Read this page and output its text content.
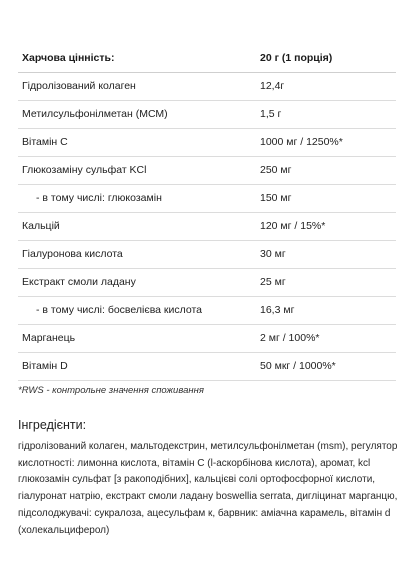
Харчова цінність:	20 г (1 порція)
Гідролізований колаген	12,4г
Метилсульфонілметан (МСМ)	1,5 г
Вітамін С	1000 мг / 1250%*
Глюкозаміну сульфат KCl	250 мг
- в тому числі: глюкозамін	150 мг
Кальцій	120 мг / 15%*
Гіалуронова кислота	30 мг
Екстракт смоли ладану	25 мг
- в тому числі: босвелієва кислота	16,3 мг
Марганець	2 мг / 100%*
Вітамін D	50 мкг / 1000%*
*RWS - контрольне значення споживання
Інгредієнти:
гідролізований колаген, мальтодекстрин, метилсульфонілметан (msm), регулятор кислотності: лимонна кислота, вітамін С (l-аскорбінова кислота), аромат, kcl глюкозамін сульфат [з ракоподібних], кальцієві солі ортофосфорної кислоти, гіалуронат натрію, екстракт смоли ладану boswellia serrata, дигліцинат марганцю, підсолоджувачі: сукралоза, ацесульфам к, барвник: аміачна карамель, вітамін d (холекальциферол)
